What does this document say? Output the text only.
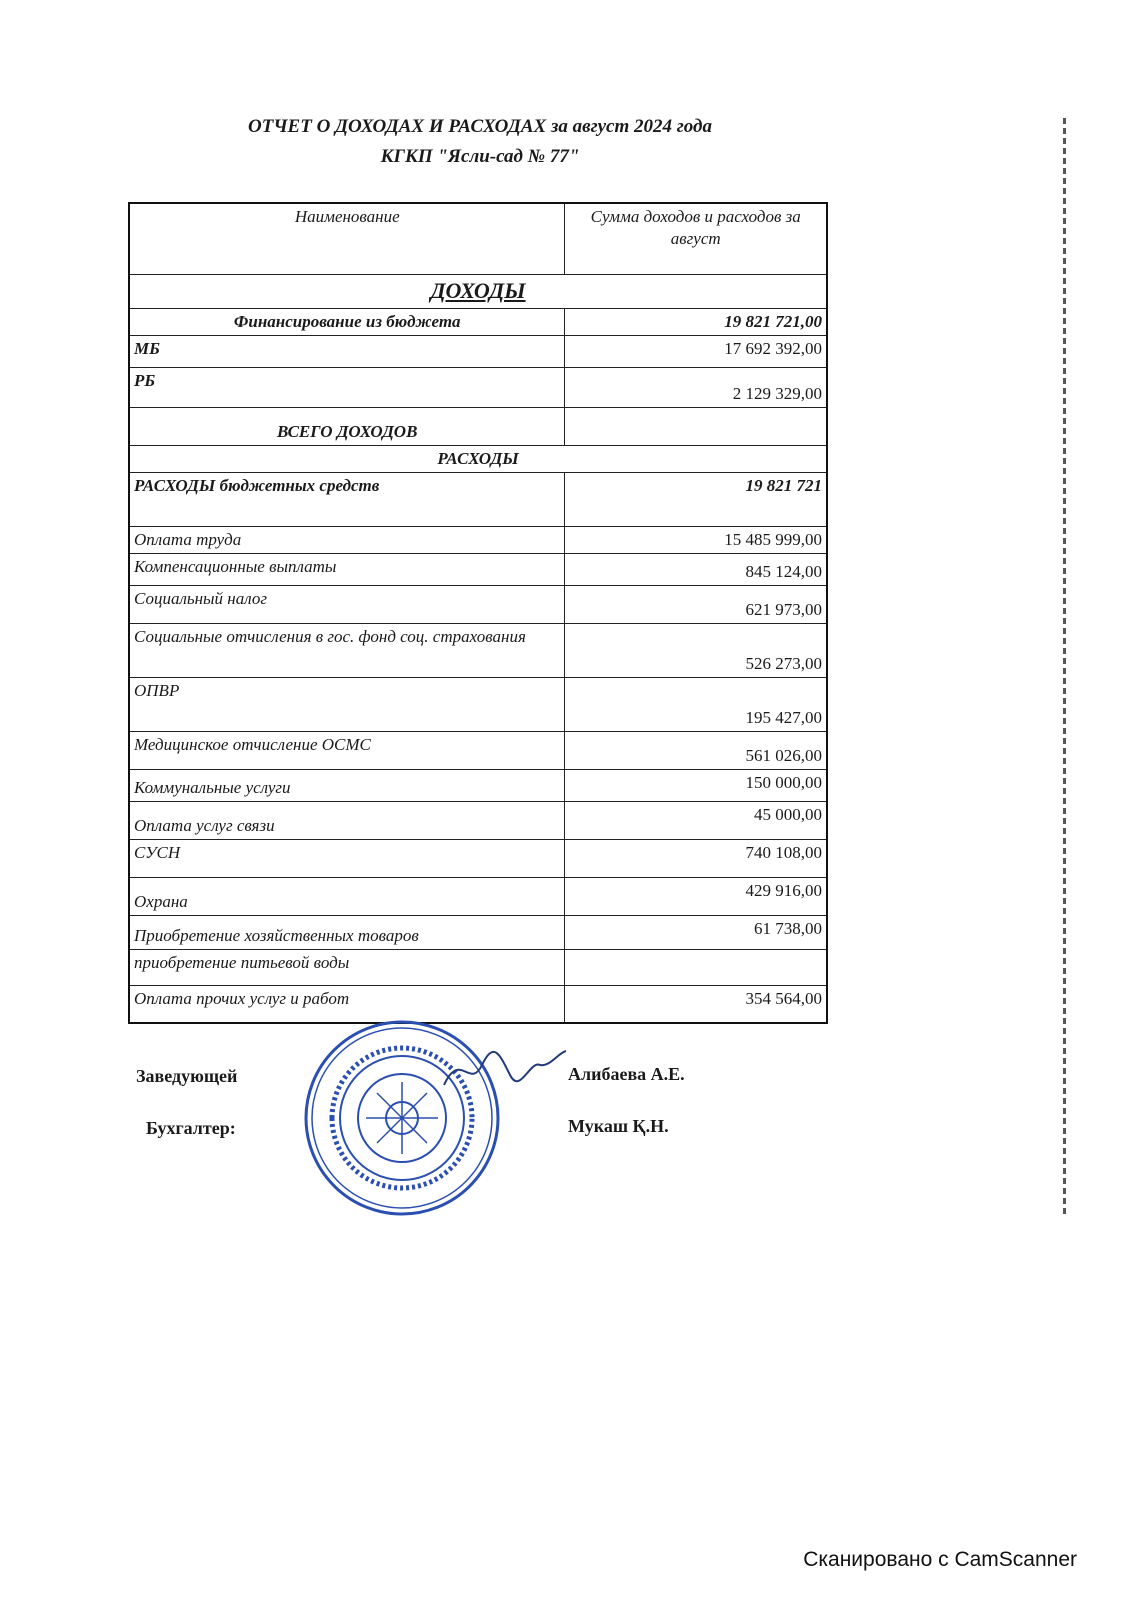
ОТЧЕТ О ДОХОДАХ И РАСХОДАХ за август 2024 года
КГКП "Ясли-сад № 77"
Наименование	Сумма доходов и расходов за август
ДОХОДЫ	
Финансирование из бюджета	19 821 721,00
МБ	17 692 392,00
РБ	2 129 329,00
ВСЕГО ДОХОДОВ	
РАСХОДЫ	
РАСХОДЫ бюджетных средств	19 821 721
Оплата труда	15 485 999,00
Компенсационные выплаты	845 124,00
Социальный налог	621 973,00
Социальные отчисления в гос. фонд соц. страхования	526 273,00
ОПВР	195 427,00
Медицинское отчисление ОСМС	561 026,00
Коммунальные услуги	150 000,00
Оплата услуг связи	45 000,00
СУСН	740 108,00
Охрана	429 916,00
Приобретение хозяйственных товаров	61 738,00
приобретение питьевой воды	
Оплата прочих услуг и работ	354 564,00
Заведующей	Алибаева А.Е.
Бухгалтер:	Мукаш Қ.Н.
Сканировано с CamScanner
